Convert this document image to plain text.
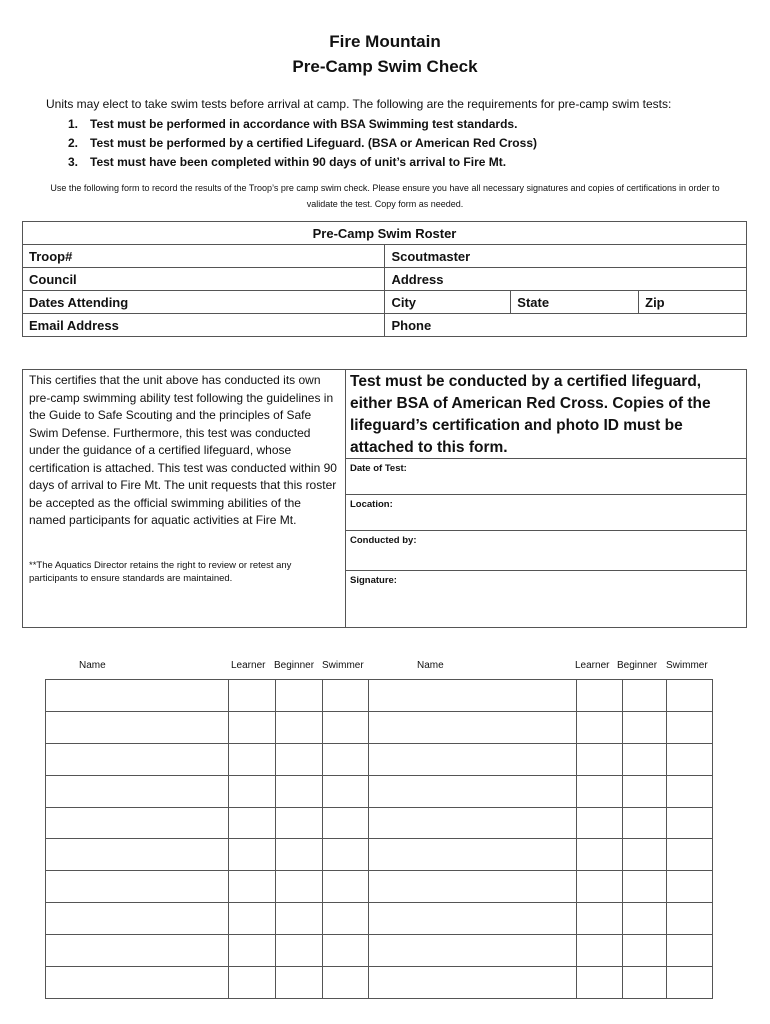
Fire Mountain
Pre-Camp Swim Check
Units may elect to take swim tests before arrival at camp. The following are the requirements for pre-camp swim tests:
1. Test must be performed in accordance with BSA Swimming test standards.
2. Test must be performed by a certified Lifeguard. (BSA or American Red Cross)
3. Test must have been completed within 90 days of unit’s arrival to Fire Mt.
Use the following form to record the results of the Troop’s pre camp swim check. Please ensure you have all necessary signatures and copies of certifications in order to validate the test. Copy form as needed.
Pre-Camp Swim Roster			
Troop#	Scoutmaster		
Council	Address		
Dates Attending	City	State	Zip
Email Address	Phone		
This certifies that the unit above has conducted its own pre-camp swimming ability test following the guidelines in the Guide to Safe Scouting and the principles of Safe Swim Defense. Furthermore, this test was conducted under the guidance of a certified lifeguard, whose certification is attached. This test was conducted within 90 days of arrival to Fire Mt. The unit requests that this roster be accepted as the official swimming abilities of the named participants for aquatic activities at Fire Mt.
**The Aquatics Director retains the right to review or retest any participants to ensure standards are maintained.
Test must be conducted by a certified lifeguard, either BSA of American Red Cross. Copies of the lifeguard’s certification and photo ID must be attached to this form.
Date of Test:
Location:
Conducted by:
Signature:
Name	Learner Beginner Swimmer	Name	Learner Beginner Swimmer
